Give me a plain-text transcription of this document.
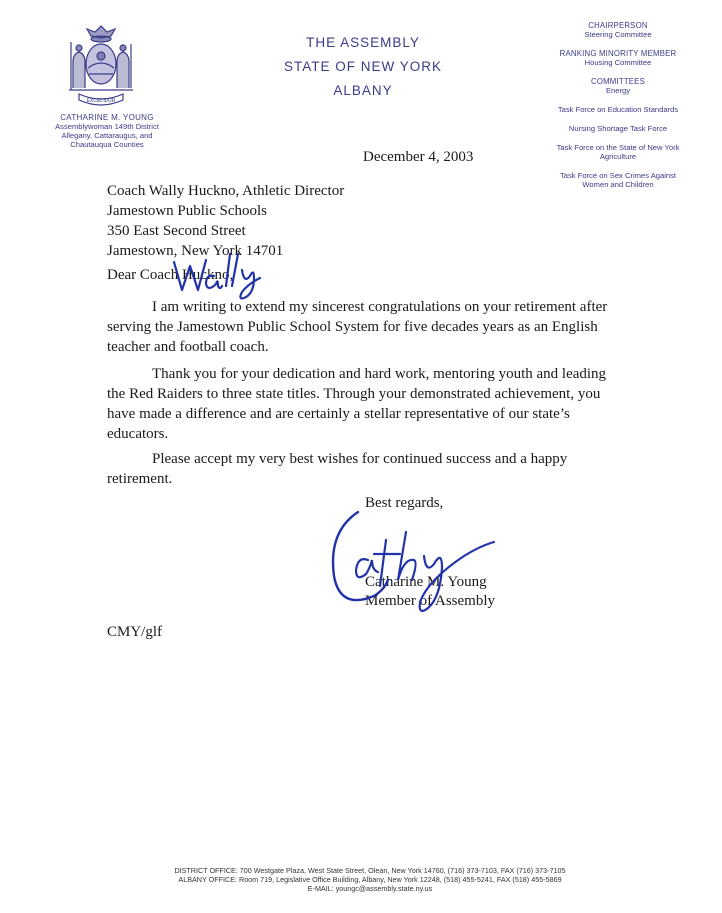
EXCELSIOR
CATHARINE M. YOUNG
Assemblywoman 149th District
Allegany, Cattaraugus, and
Chautauqua Counties
THE ASSEMBLY
STATE OF NEW YORK
ALBANY
CHAIRPERSON
Steering Committee
RANKING MINORITY MEMBER
Housing Committee
COMMITTEES
Energy
Task Force on Education Standards
Nursing Shortage Task Force
Task Force on the State of New York
Agriculture
Task Force on Sex Crimes Against
Women and Children
December 4, 2003
Coach Wally Huckno, Athletic Director
Jamestown Public Schools
350 East Second Street
Jamestown, New York 14701
Dear Coach Huckno,
I am writing to extend my sincerest congratulations on your retirement after serving the Jamestown Public School System for five decades years as an English teacher and football coach.
Thank you for your dedication and hard work, mentoring youth and leading the Red Raiders to three state titles. Through your demonstrated achievement, you have made a difference and are certainly a stellar representative of our state’s educators.
Please accept my very best wishes for continued success and a happy retirement.
Best regards,
Catharine M. Young
Member of Assembly
CMY/glf
DISTRICT OFFICE: 700 Westgate Plaza, West State Street, Olean, New York 14760, (716) 373-7103, FAX (716) 373-7105
ALBANY OFFICE: Room 719, Legislative Office Building, Albany, New York 12248, (518) 455-5241, FAX (518) 455-5869
E-MAIL: youngc@assembly.state.ny.us
